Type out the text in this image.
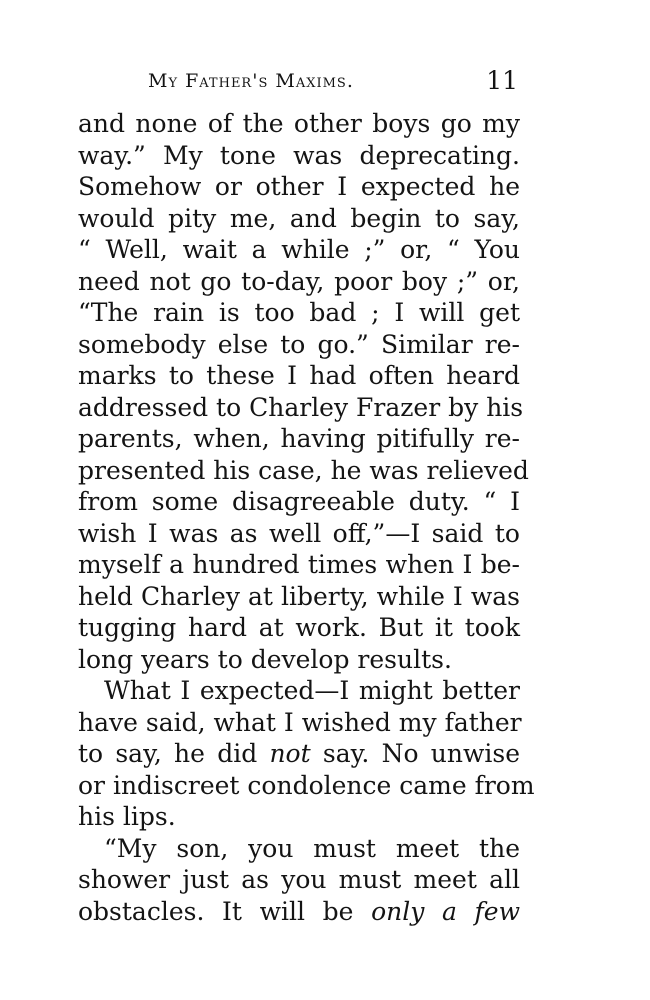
My Father's Maxims.	11
and none of the other boys go my
way.” My tone was deprecating.
Somehow or other I expected he
would pity me, and begin to say,
“ Well, wait a while ;” or, “ You
need not go to-day, poor boy ;” or,
“The rain is too bad ; I will get
somebody else to go.” Similar re-
marks to these I had often heard
addressed to Charley Frazer by his
parents, when, having pitifully re-
presented his case, he was relieved
from some disagreeable duty. “ I
wish I was as well off,”—I said to
myself a hundred times when I be-
held Charley at liberty, while I was
tugging hard at work. But it took
long years to develop results.
What I expected—I might better
have said, what I wished my father
to say, he did not say. No unwise
or indiscreet condolence came from
his lips.
“My son, you must meet the
shower just as you must meet all
obstacles. It will be only a few
